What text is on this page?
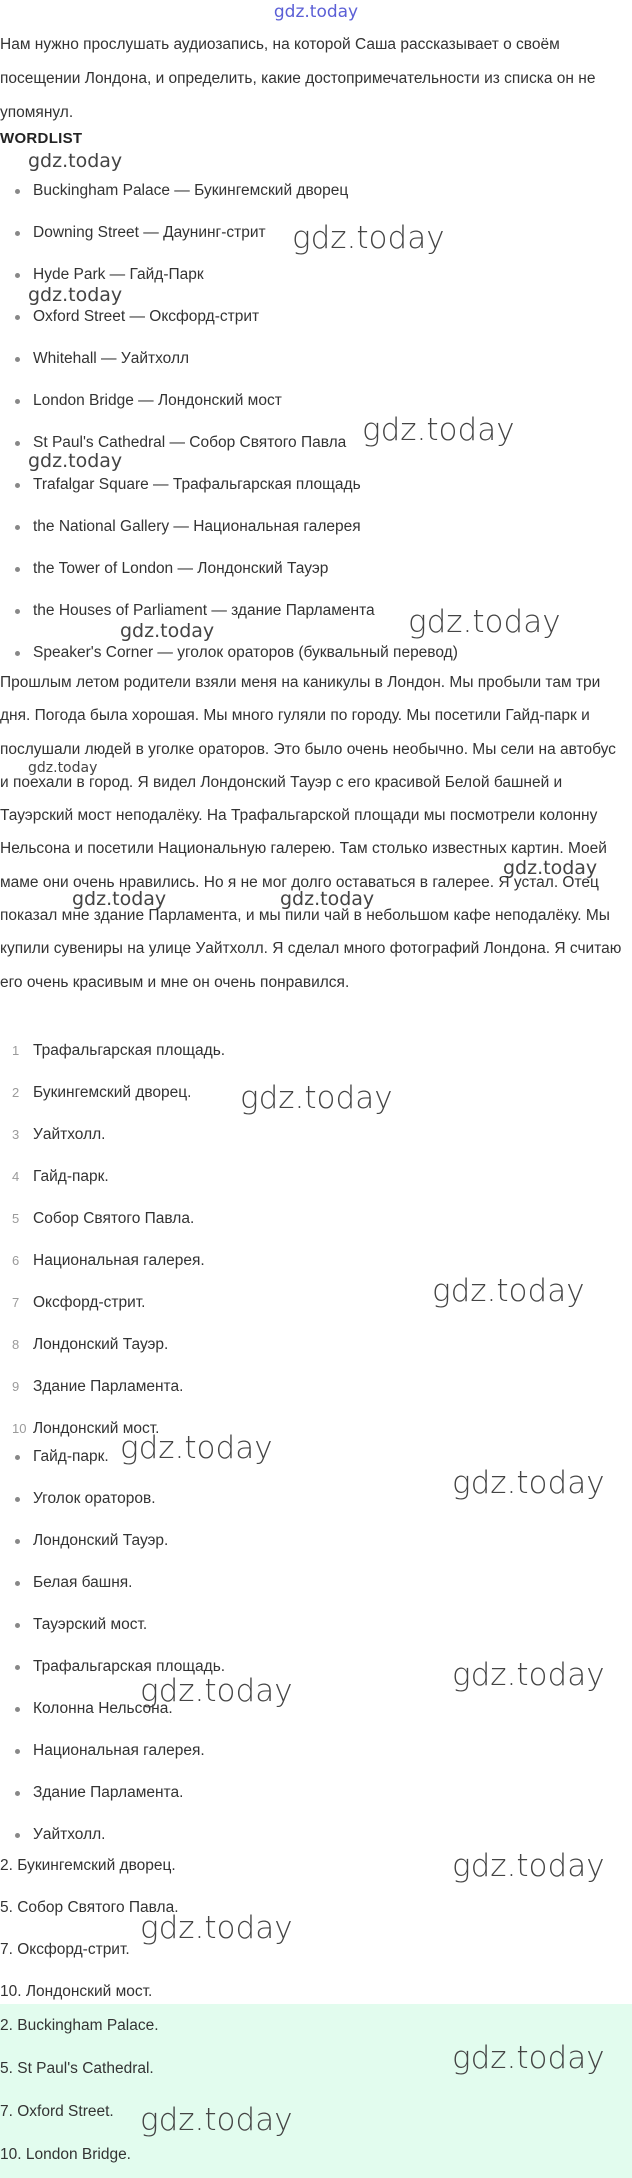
gdz.today

Нам нужно прослушать аудиозапись, на которой Саша рассказывает о своём посещении Лондона, и определить, какие достопримечательности из списка он не упомянул.

WORDLIST
Buckingham Palace — Букингемский дворец
Downing Street — Даунинг-стрит
Hyde Park — Гайд-Парк
Oxford Street — Оксфорд-стрит
Whitehall — Уайтхолл
London Bridge — Лондонский мост
St Paul's Cathedral — Собор Святого Павла
Trafalgar Square — Трафальгарская площадь
the National Gallery — Национальная галерея
the Tower of London — Лондонский Тауэр
the Houses of Parliament — здание Парламента
Speaker's Corner — уголок ораторов (буквальный перевод)

Прошлым летом родители взяли меня на каникулы в Лондон. Мы пробыли там три дня. Погода была хорошая. Мы много гуляли по городу. Мы посетили Гайд-парк и послушали людей в уголке ораторов. Это было очень необычно. Мы сели на автобус и поехали в город. Я видел Лондонский Тауэр с его красивой Белой башней и Тауэрский мост неподалёку. На Трафальгарской площади мы посмотрели колонну Нельсона и посетили Национальную галерею. Там столько известных картин. Моей маме они очень нравились. Но я не мог долго оставаться в галерее. Я устал. Отец показал мне здание Парламента, и мы пили чай в небольшом кафе неподалёку. Мы купили сувениры на улице Уайтхолл. Я сделал много фотографий Лондона. Я считаю его очень красивым и мне он очень понравился.

1 Трафальгарская площадь.
2 Букингемский дворец.
3 Уайтхолл.
4 Гайд-парк.
5 Собор Святого Павла.
6 Национальная галерея.
7 Оксфорд-стрит.
8 Лондонский Тауэр.
9 Здание Парламента.
10 Лондонский мост.
Гайд-парк.
Уголок ораторов.
Лондонский Тауэр.
Белая башня.
Тауэрский мост.
Трафальгарская площадь.
Колонна Нельсона.
Национальная галерея.
Здание Парламента.
Уайтхолл.
2. Букингемский дворец.
5. Собор Святого Павла.
7. Оксфорд-стрит.
10. Лондонский мост.
2. Buckingham Palace.
5. St Paul's Cathedral.
7. Oxford Street.
10. London Bridge.
gdz.today
gdz.today
gdz.today
gdz.today
gdz.today
gdz.today
gdz.today
gdz.today
gdz.today	gdz.today
gdz.today
gdz.today
gdz.today
gdz.today
gdz.today
gdz.today	gdz.today
gdz.today
gdz.today
gdz.today
gdz.today
